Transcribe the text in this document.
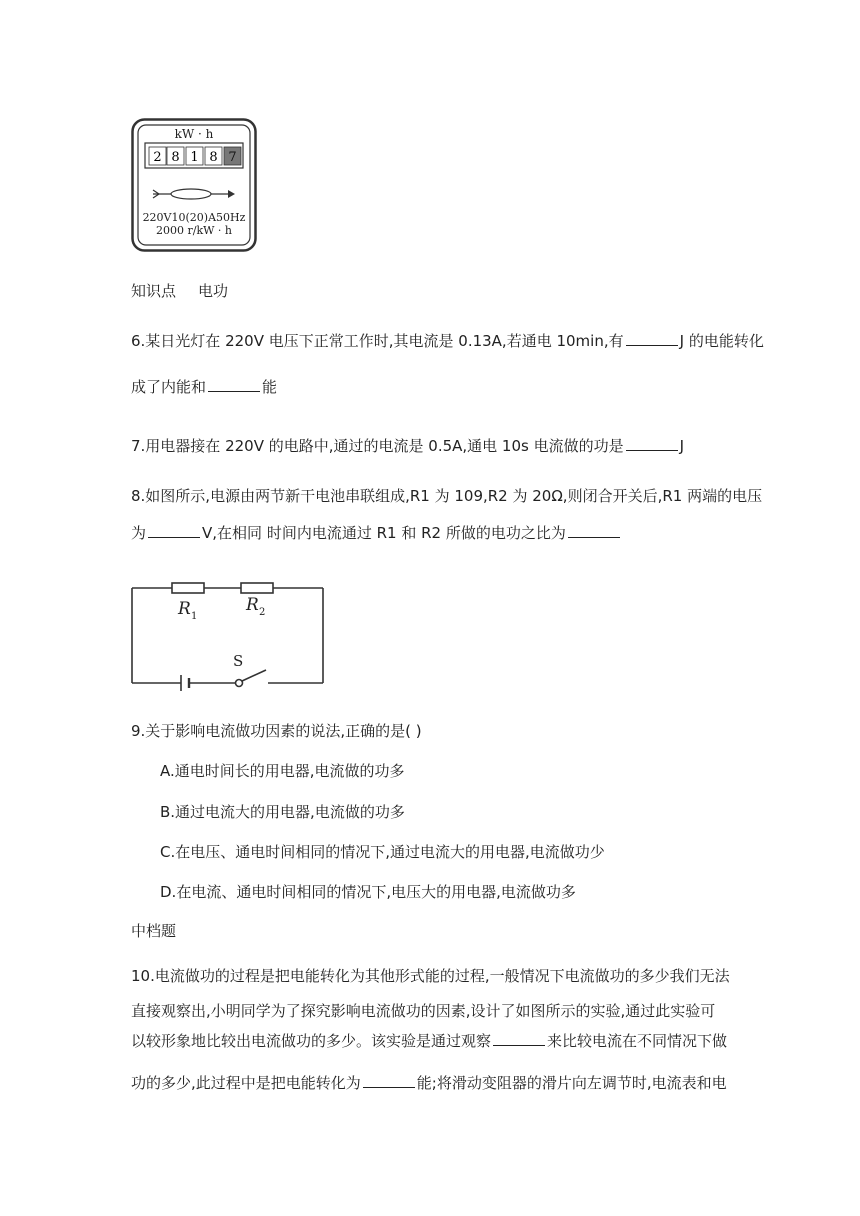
kW · h
2 8 1 8 7
220V10(20)A50Hz
2000 r/kW · h
知识点 电功
6.某日光灯在 220V 电压下正常工作时,其电流是 0.13A,若通电 10min,有	J 的电能转化
成了内能和	能
7.用电器接在 220V 的电路中,通过的电流是 0.5A,通电 10s 电流做的功是	J
8.如图所示,电源由两节新干电池串联组成,R1 为 109,R2 为 20Ω,则闭合开关后,R1 两端的电压
为	V,在相同 时间内电流通过 R1 和 R2 所做的电功之比为
R 1
R 2
S
9.关于影响电流做功因素的说法,正确的是( )
A.通电时间长的用电器,电流做的功多
B.通过电流大的用电器,电流做的功多
C.在电压、通电时间相同的情况下,通过电流大的用电器,电流做功少
D.在电流、通电时间相同的情况下,电压大的用电器,电流做功多
中档题
10.电流做功的过程是把电能转化为其他形式能的过程,一般情况下电流做功的多少我们无法
直接观察出,小明同学为了探究影响电流做功的因素,设计了如图所示的实验,通过此实验可
以较形象地比较出电流做功的多少。该实验是通过观察	来比较电流在不同情况下做
功的多少,此过程中是把电能转化为	能;将滑动变阻器的滑片向左调节时,电流表和电
